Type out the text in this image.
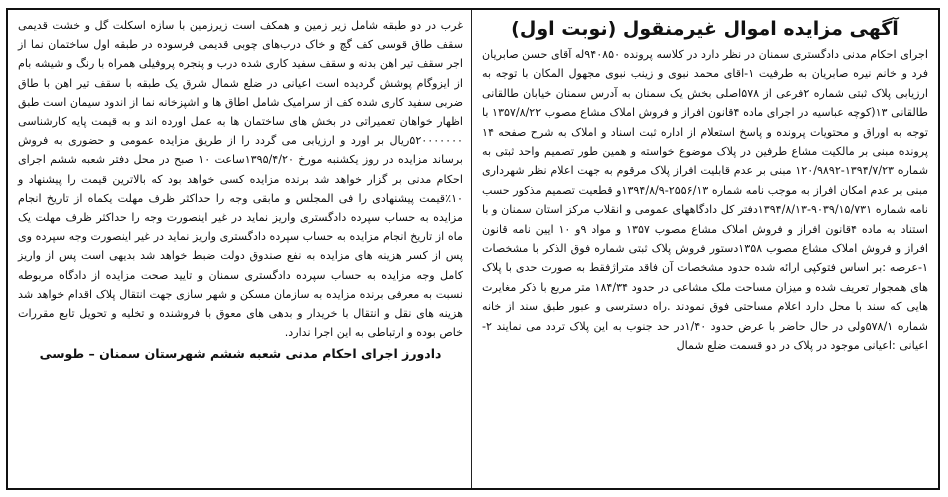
آگهی مزایده اموال غیرمنقول (نوبت اول)

اجرای احکام مدنی دادگستری سمنان در نظر دارد در کلاسه پرونده ۹۴۰۸۵۰له آقای حسن صابریان فرد و خانم نیره صابریان به طرفیت ۱-اقای محمد نبوی و زینب نبوی مجهول المکان با توجه به ارزیابی پلاک ثبتی شماره ۲فرعی از ۵۷۸اصلی بخش یک سمنان به آدرس سمنان خیابان طالقانی طالقانی ۱۳(کوچه عباسیه در اجرای ماده ۴قانون افراز و فروش املاک مشاع مصوب ۱۳۵۷/۸/۲۲ با توجه به اوراق و محتویات پرونده و پاسخ استعلام از اداره ثبت اسناد و املاک به شرح صفحه ۱۴ پرونده مبنی بر مالکیت مشاع طرفین در پلاک موضوع خواسته و همین طور تصمیم واحد ثبتی به شماره ۱۳۹۴/۷/۲۳-۱۲۰/۹۸۹۲ مبنی بر عدم قابلیت افراز پلاک مرقوم به جهت اعلام نظر شهرداری مبنی بر عدم امکان افراز به موجب نامه شماره ۲۵۵۶/۱۳-۱۳۹۴/۸/۹و قطعیت تصمیم مذکور حسب نامه شماره ۹۰۳۹/۱۵/۷۳۱-۱۳۹۴/۸/۱۳دفتر کل دادگاههای عمومی و انقلاب مرکز استان سمنان و با استناد به ماده ۴قانون افراز و فروش املاک مشاع مصوب ۱۳۵۷ و مواد ۹و ۱۰ ایین نامه قانون افراز و فروش املاک مشاع مصوب ۱۳۵۸دستور فروش پلاک ثبتی شماره فوق الذکر با مشخصات ۱-عرصه :بر اساس فتوکپی ارائه شده حدود مشخصات آن فاقد متراژفقط به صورت حدی با پلاک های همجوار تعریف شده و میزان مساحت ملک مشاعی در حدود ۱۸۴/۳۴ متر مربع با ذکر مغایرت هایی که سند با محل دارد اعلام مساحتی فوق نمودند .راه دسترسی و عبور طبق سند از خانه شماره ۵۷۸/۱ولی در حال حاضر با عرض حدود ۱/۴۰در حد جنوب به این پلاک تردد می نمایند ۲-اعیانی :اعیانی موجود در پلاک در دو قسمت ضلع شمال

غرب در دو طبقه شامل زیر زمین و همکف است زیرزمین با سازه اسکلت گل و خشت قدیمی سقف طاق قوسی کف گچ و خاک درب‌های چوبی قدیمی فرسوده در طبقه اول ساختمان نما از اجر سقف تیر اهن بدنه و سقف سفید کاری شده درب و پنجره پروفیلی همراه با رنگ و شیشه بام از ایزوگام پوشش گردیده است اعیانی در ضلع شمال شرق یک طبقه با سقف تیر اهن با طاق ضربی سفید کاری شده کف از سرامیک شامل اطاق ها و اشپزخانه نما از اندود سیمان است طبق اظهار خواهان تعمیراتی در بخش های ساختمان ها به عمل اورده اند و به قیمت پایه کارشناسی ۵۲۰۰۰۰۰۰۰ریال بر اورد و ارزیابی می گردد را از طریق مزایده عمومی و حضوری به فروش برساند مزایده در روز یکشنبه مورخ ۱۳۹۵/۴/۲۰ساعت ۱۰ صبح در محل دفتر شعبه ششم اجرای احکام مدنی بر گزار خواهد شد برنده مزایده کسی خواهد بود که بالاترین قیمت را پیشنهاد و ۱۰٪قیمت پیشنهادی را فی المجلس و مابقی وجه را حداکثر ظرف مهلت یکماه از تاریخ انجام مزایده به حساب سپرده دادگستری واریز نماید در غیر اینصورت وجه را حداکثر ظرف مهلت یک ماه از تاریخ انجام مزایده به حساب سپرده دادگستری واریز نماید در غیر اینصورت وجه سپرده وی پس از کسر هزینه های مزایده به نفع صندوق دولت ضبط خواهد شد بدیهی است پس از واریز کامل وجه مزایده به حساب سپرده دادگستری سمنان و تایید صحت مزایده از دادگاه مربوطه نسبت به معرفی برنده مزایده به سازمان مسکن و شهر سازی جهت انتقال پلاک اقدام خواهد شد هزینه های نقل و انتقال با خریدار و بدهی های معوق با فروشنده و تخلیه و تحویل تابع مقررات خاص بوده و ارتباطی به این اجرا ندارد.

دادورز اجرای احکام مدنی شعبه ششم شهرستان سمنان – طوسی
